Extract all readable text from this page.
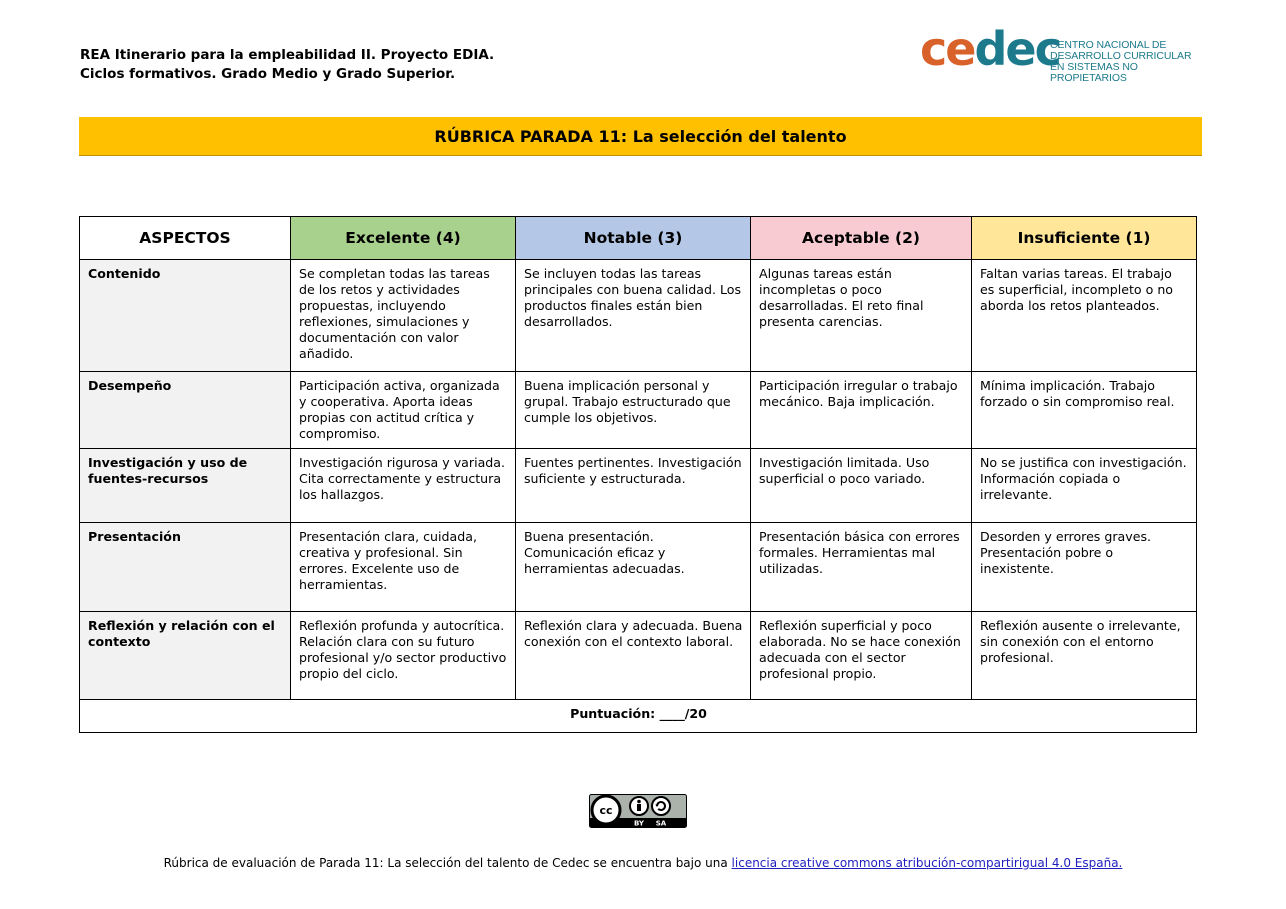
REA Itinerario para la empleabilidad II. Proyecto EDIA.
Ciclos formativos. Grado Medio y Grado Superior.	cedec
CENTRO NACIONAL DE
DESARROLLO CURRICULAR
EN SISTEMAS NO PROPIETARIOS
RÚBRICA PARADA 11: La selección del talento
ASPECTOS	Excelente (4)	Notable (3)	Aceptable (2)	Insuficiente (1)
Contenido	Se completan todas las tareas de los retos y actividades propuestas, incluyendo reflexiones, simulaciones y documentación con valor añadido.	Se incluyen todas las tareas principales con buena calidad. Los productos finales están bien desarrollados.	Algunas tareas están incompletas o poco desarrolladas. El reto final presenta carencias.	Faltan varias tareas. El trabajo es superficial, incompleto o no aborda los retos planteados.
Desempeño	Participación activa, organizada y cooperativa. Aporta ideas propias con actitud crítica y compromiso.	Buena implicación personal y grupal. Trabajo estructurado que cumple los objetivos.	Participación irregular o trabajo mecánico. Baja implicación.	Mínima implicación. Trabajo forzado o sin compromiso real.
Investigación y uso de fuentes-recursos	Investigación rigurosa y variada. Cita correctamente y estructura los hallazgos.	Fuentes pertinentes. Investigación suficiente y estructurada.	Investigación limitada. Uso superficial o poco variado.	No se justifica con investigación. Información copiada o irrelevante.
Presentación	Presentación clara, cuidada, creativa y profesional. Sin errores. Excelente uso de herramientas.	Buena presentación. Comunicación eficaz y herramientas adecuadas.	Presentación básica con errores formales. Herramientas mal utilizadas.	Desorden y errores graves. Presentación pobre o inexistente.
Reflexión y relación con el contexto	Reflexión profunda y autocrítica. Relación clara con su futuro profesional y/o sector productivo propio del ciclo.	Reflexión clara y adecuada. Buena conexión con el contexto laboral.	Reflexión superficial y poco elaborada. No se hace conexión adecuada con el sector profesional propio.	Reflexión ausente o irrelevante, sin conexión con el entorno profesional.
Puntuación: ____/20				
cc
BY SA
Rúbrica de evaluación de Parada 11: La selección del talento de Cedec se encuentra bajo una licencia creative commons atribución-compartirigual 4.0 España.
